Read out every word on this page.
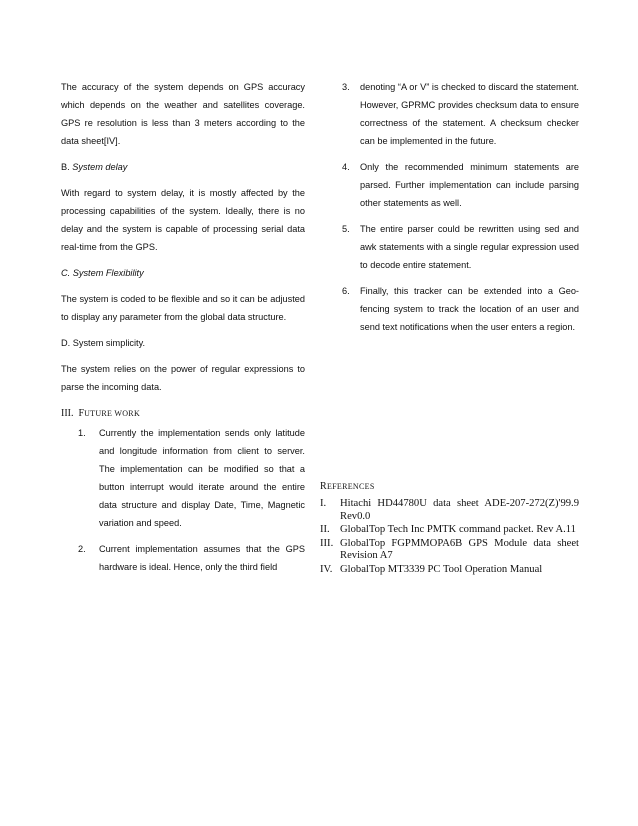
The accuracy of the system depends on GPS accuracy which depends on the weather and satellites coverage. GPS re resolution is less than 3 meters according to the data sheet[IV].

B. System delay

With regard to system delay, it is mostly affected by the processing capabilities of the system. Ideally, there is no delay and the system is capable of processing serial data real-time from the GPS.

C. System Flexibility

The system is coded to be flexible and so it can be adjusted to display any parameter from the global data structure.

D. System simplicity.

The system relies on the power of regular expressions to parse the incoming data.

III. FUTURE WORK
1. Currently the implementation sends only latitude and longitude information from client to server. The implementation can be modified so that a button interrupt would iterate around the entire data structure and display Date, Time, Magnetic variation and speed.
2. Current implementation assumes that the GPS hardware is ideal. Hence, only the third field
3. denoting “A or V” is checked to discard the statement. However, GPRMC provides checksum data to ensure correctness of the statement. A checksum checker can be implemented in the future.
4. Only the recommended minimum statements are parsed. Further implementation can include parsing other statements as well.
5. The entire parser could be rewritten using sed and awk statements with a single regular expression used to decode entire statement.
6. Finally, this tracker can be extended into a Geo-fencing system to track the location of an user and send text notifications when the user enters a region.
REFERENCES
I. Hitachi HD44780U data sheet ADE-207-272(Z)'99.9 Rev0.0
II. GlobalTop Tech Inc PMTK command packet. Rev A.11
III. GlobalTop FGPMMOPA6B GPS Module data sheet Revision A7
IV. GlobalTop MT3339 PC Tool Operation Manual
